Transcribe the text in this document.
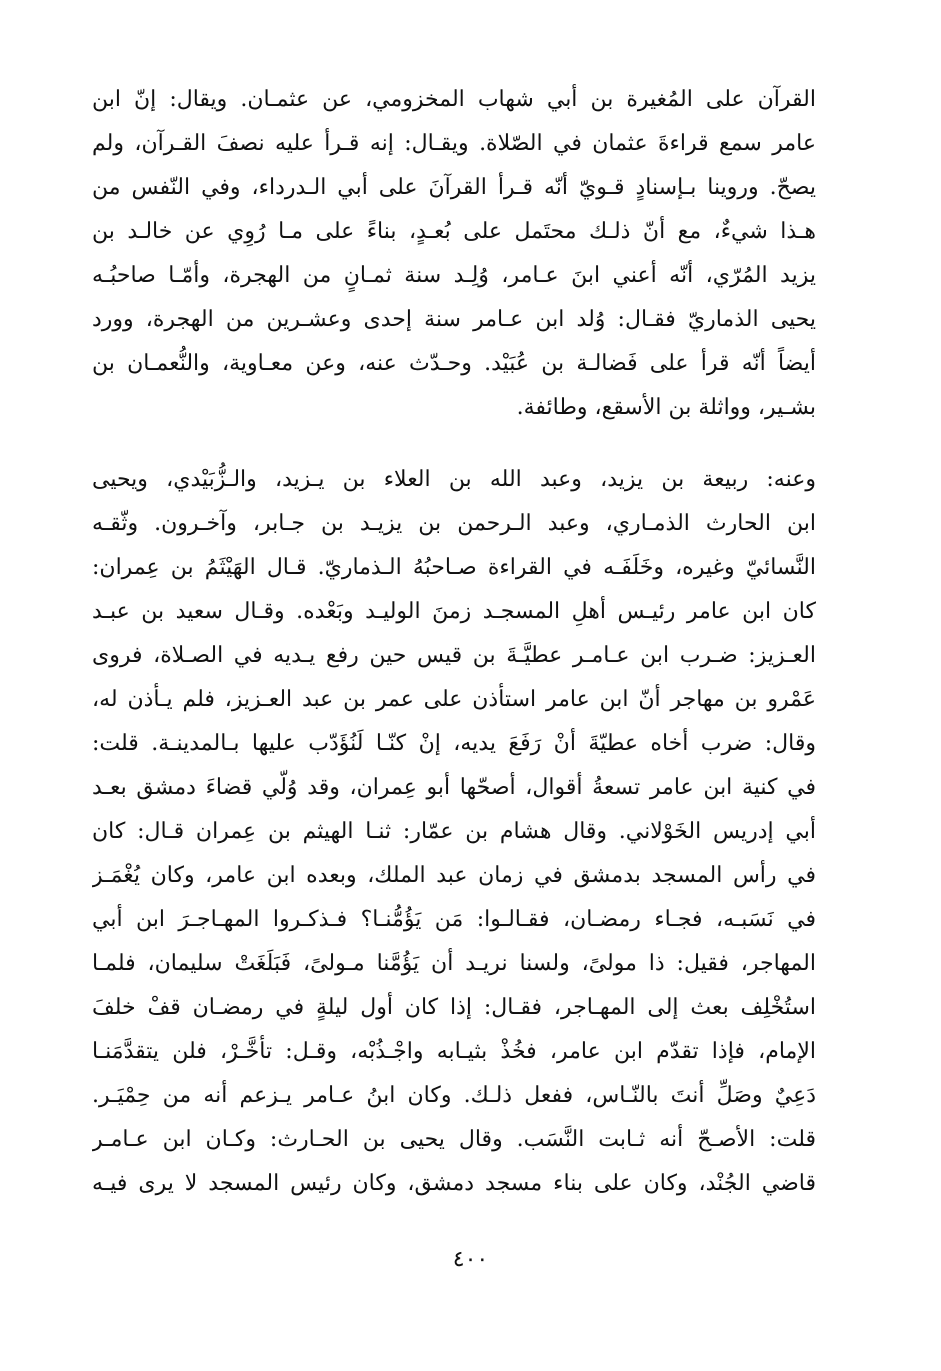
القرآن على المُغيرة بن أبي شهاب المخزومي، عن عثمـان. ويقال: إنّ ابن
عامر سمع قراءةَ عثمان في الصّلاة. ويقـال: إنه قـرأ عليه نصفَ القـرآن، ولم
يصحّ. وروينا بـإسنادٍ قـويّ أنّه قـرأ القرآنَ على أبي الـدرداء، وفي النّفس من
هـذا شيءٌ، مع أنّ ذلـك محتَمل على بُعـدٍ، بناءً على مـا رُوِي عن خالـد بن
يزيد المُرّي، أنّه أعني ابنَ عـامر، وُلِـد سنة ثمـانٍ من الهجرة، وأمّـا صاحبُـه
يحيى الذماريّ فقـال: وُلد ابن عـامر سنة إحدى وعشـرين من الهجرة، وورد
أيضاً أنّه قرأ على فَضالـة بن عُبَيْد. وحـدّث عنه، وعن معـاوية، والنُّعمـان بن
بشـير، وواثلة بن الأسقع، وطائفة.
وعنه: ربيعة بن يزيد، وعبد الله بن العلاء بن يـزيد، والـزُّبَيْدي، ويحيى
ابن الحارث الذمـاري، وعبد الـرحمن بن يزيـد بن جـابر، وآخـرون. وثّقـه
النَّسائيّ وغيره، وخَلَفَـه في القراءة صـاحبُهُ الـذماريّ. قـال الهَيْثَمُ بن عِمران:
كان ابن عامر رئيـس أهلِ المسجـد زمنَ الوليـد وبَعْده. وقـال سعيد بن عبـد
العـزيز: ضـرب ابن عـامـر عطيَّـةَ بن قيس حين رفع يـديه في الصـلاة، فروى
عَمْرو بن مهاجر أنّ ابن عامر استأذن على عمر بن عبد العـزيز، فلم يـأذن له،
وقال: ضرب أخاه عطيّةَ أنْ رَفَعَ يديه، إنْ كنّـا لَنُؤَدّب عليها بـالمدينـة. قلت:
في كنية ابن عامر تسعةُ أقوال، أصحّها أبو عِمران، وقد وُلّي قضاءَ دمشق بعـد
أبي إدريس الخَوْلاني. وقال هشام بن عمّار: ثنـا الهيثم بن عِمران قـال: كان
في رأس المسجد بدمشق في زمان عبد الملك، وبعده ابن عامر، وكان يُغْمَـز
في نَسَبـه، فجـاء رمضـان، فقـالـوا: مَن يَؤُمُّنـا؟ فـذكـروا المهـاجـرَ ابن أبي
المهاجر، فقيل: ذا مولىً، ولسنا نريـد أن يَؤُمَّنا مـولىً، فَبَلَغَتْ سليمان، فلمـا
استُخْلِف بعث إلى المهـاجر، فقـال: إذا كان أول ليلةٍ في رمضـان قفْ خلفَ
الإمام، فإذا تقدّم ابن عامر، فخُذْ بثيـابه واجْـذُبْه، وقـل: تأخَّـرْ، فلن يتقدَّمَنـا
دَعِيٌ وصَلِّ أنتَ بالنّـاس، ففعل ذلـك. وكان ابنُ عـامر يـزعم أنه من حِمْيَـر.
قلت: الأصـحّ أنه ثـابت النَّسَب. وقال يحيى بن الحـارث: وكـان ابن عـامـر
قاضي الجُنْد، وكان على بناء مسجد دمشق، وكان رئيس المسجد لا يرى فيـه
٤٠٠
